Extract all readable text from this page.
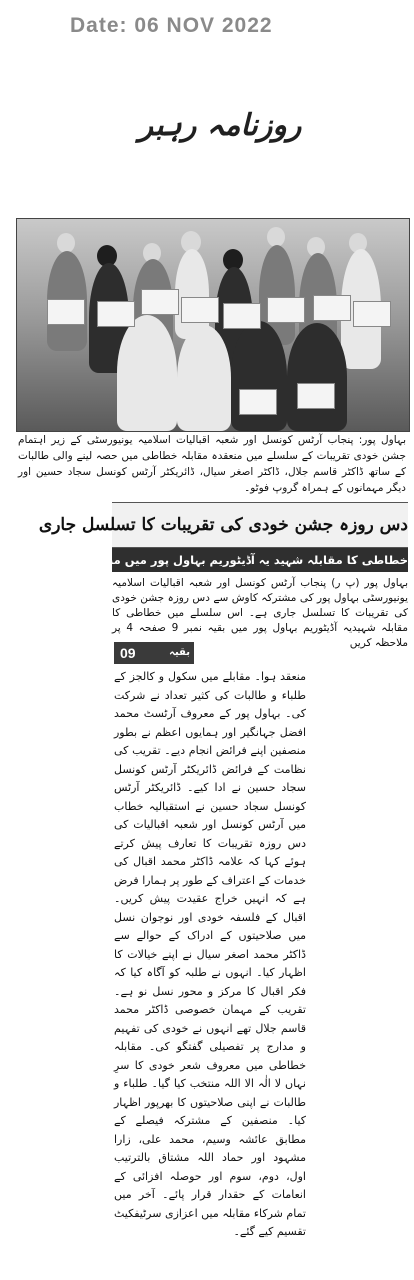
Date: 06 NOV 2022
روزنامہ رہبر
بہاول پور: پنجاب آرٹس کونسل اور شعبہ اقبالیات اسلامیہ یونیورسٹی کے زیر اہتمام جشن خودی تقریبات کے سلسلے میں منعقدہ مقابلہ خطاطی میں حصہ لینے والی طالبات کے ساتھ ڈاکٹر قاسم جلال، ڈاکٹر اصغر سیال، ڈائریکٹر آرٹس کونسل سجاد حسین اور دیگر مہمانوں کے ہمراہ گروپ فوٹو۔
دس روزہ جشن خودی کی تقریبات کا تسلسل جاری
خطاطی کا مقابلہ شہید یہ آڈیٹوریم بہاول پور میں منعقد ہوا
بہاول پور (پ ر) پنجاب آرٹس کونسل اور شعبہ اقبالیات اسلامیہ یونیورسٹی بہاول پور کی مشترکہ کاوش سے دس روزہ جشن خودی کی تقریبات کا تسلسل جاری ہے۔ اس سلسلے میں خطاطی کا مقابلہ شہیدیہ آڈیٹوریم بہاول پور میں بقیہ نمبر 9 صفحہ 4 پر ملاحظہ کریں
09	بقیہ
منعقد ہوا۔ مقابلے میں سکول و کالجز کے طلباء و طالبات کی کثیر تعداد نے شرکت کی۔ بہاول پور کے معروف آرٹسٹ محمد افضل جہانگیر اور ہمایوں اعظم نے بطور منصفین اپنے فرائض انجام دیے۔ تقریب کی نظامت کے فرائض ڈائریکٹر آرٹس کونسل سجاد حسین نے ادا کیے۔ ڈائریکٹر آرٹس کونسل سجاد حسین نے استقبالیہ خطاب میں آرٹس کونسل اور شعبہ اقبالیات کی دس روزہ تقریبات کا تعارف پیش کرتے ہوئے کہا کہ علامہ ڈاکٹر محمد اقبال کی خدمات کے اعتراف کے طور پر ہمارا فرض ہے کہ انہیں خراج عقیدت پیش کریں۔ اقبال کے فلسفہ خودی اور نوجوان نسل میں صلاحیتوں کے ادراک کے حوالے سے ڈاکٹر محمد اصغر سیال نے اپنے خیالات کا اظہار کیا۔ انہوں نے طلبہ کو آگاہ کیا کہ فکر اقبال کا مرکز و محور نسل نو ہے۔ تقریب کے مہمان خصوصی ڈاکٹر محمد قاسم جلال تھے انہوں نے خودی کی تفہیم و مدارج پر تفصیلی گفتگو کی۔ مقابلہ خطاطی میں معروف شعر خودی کا سرِ نہاں لا الٰہ الا اللہ منتخب کیا گیا۔ طلباء و طالبات نے اپنی صلاحیتوں کا بھرپور اظہار کیا۔ منصفین کے مشترکہ فیصلے کے مطابق عائشہ وسیم، محمد علی، زارا مشہود اور حماد اللہ مشتاق بالترتیب اول، دوم، سوم اور حوصلہ افزائی کے انعامات کے حقدار قرار پائے۔ آخر میں تمام شرکاء مقابلہ میں اعزازی سرٹیفکیٹ تقسیم کیے گئے۔
